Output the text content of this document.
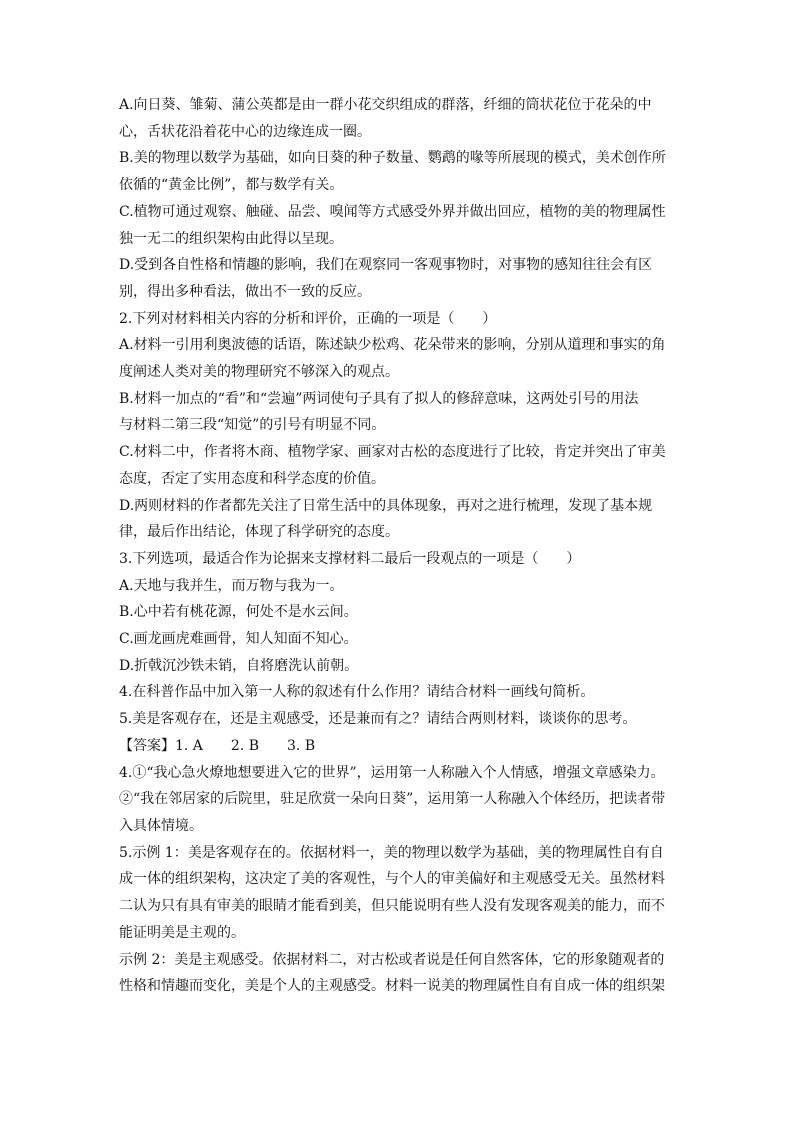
A.向日葵、雏菊、蒲公英都是由一群小花交织组成的群落，纤细的筒状花位于花朵的中

心，舌状花沿着花中心的边缘连成一圈。

B.美的物理以数学为基础，如向日葵的种子数量、鹦鹉的喙等所展现的模式，美术创作所

依循的“黄金比例”，都与数学有关。

C.植物可通过观察、触碰、品尝、嗅闻等方式感受外界并做出回应，植物的美的物理属性

独一无二的组织架构由此得以呈现。

D.受到各自性格和情趣的影响，我们在观察同一客观事物时，对事物的感知往往会有区

别，得出多种看法，做出不一致的反应。

2.下列对材料相关内容的分析和评价，正确的一项是（　　）

A.材料一引用利奥波德的话语，陈述缺少松鸡、花朵带来的影响，分别从道理和事实的角

度阐述人类对美的物理研究不够深入的观点。

B.材料一加点的“看”和“尝遍”两词使句子具有了拟人的修辞意味，这两处引号的用法

与材料二第三段“知觉”的引号有明显不同。

C.材料二中，作者将木商、植物学家、画家对古松的态度进行了比较，肯定并突出了审美

态度，否定了实用态度和科学态度的价值。

D.两则材料的作者都先关注了日常生活中的具体现象，再对之进行梳理，发现了基本规

律，最后作出结论，体现了科学研究的态度。

3.下列选项，最适合作为论据来支撑材料二最后一段观点的一项是（　　）

A.天地与我并生，而万物与我为一。

B.心中若有桃花源，何处不是水云间。

C.画龙画虎难画骨，知人知面不知心。

D.折戟沉沙铁未销，自将磨洗认前朝。

4.在科普作品中加入第一人称的叙述有什么作用？请结合材料一画线句简析。

5.美是客观存在，还是主观感受，还是兼而有之？请结合两则材料，谈谈你的思考。

【答案】1. A　　2. B　　3. B

4.①“我心急火燎地想要进入它的世界”，运用第一人称融入个人情感，增强文章感染力。

②“我在邻居家的后院里，驻足欣赏一朵向日葵”，运用第一人称融入个体经历，把读者带

入具体情境。

5.示例 1：美是客观存在的。依据材料一，美的物理以数学为基础，美的物理属性自有自

成一体的组织架构，这决定了美的客观性，与个人的审美偏好和主观感受无关。虽然材料

二认为只有具有审美的眼睛才能看到美，但只能说明有些人没有发现客观美的能力，而不

能证明美是主观的。

示例 2：美是主观感受。依据材料二，对古松或者说是任何自然客体，它的形象随观者的

性格和情趣而变化，美是个人的主观感受。材料一说美的物理属性自有自成一体的组织架
